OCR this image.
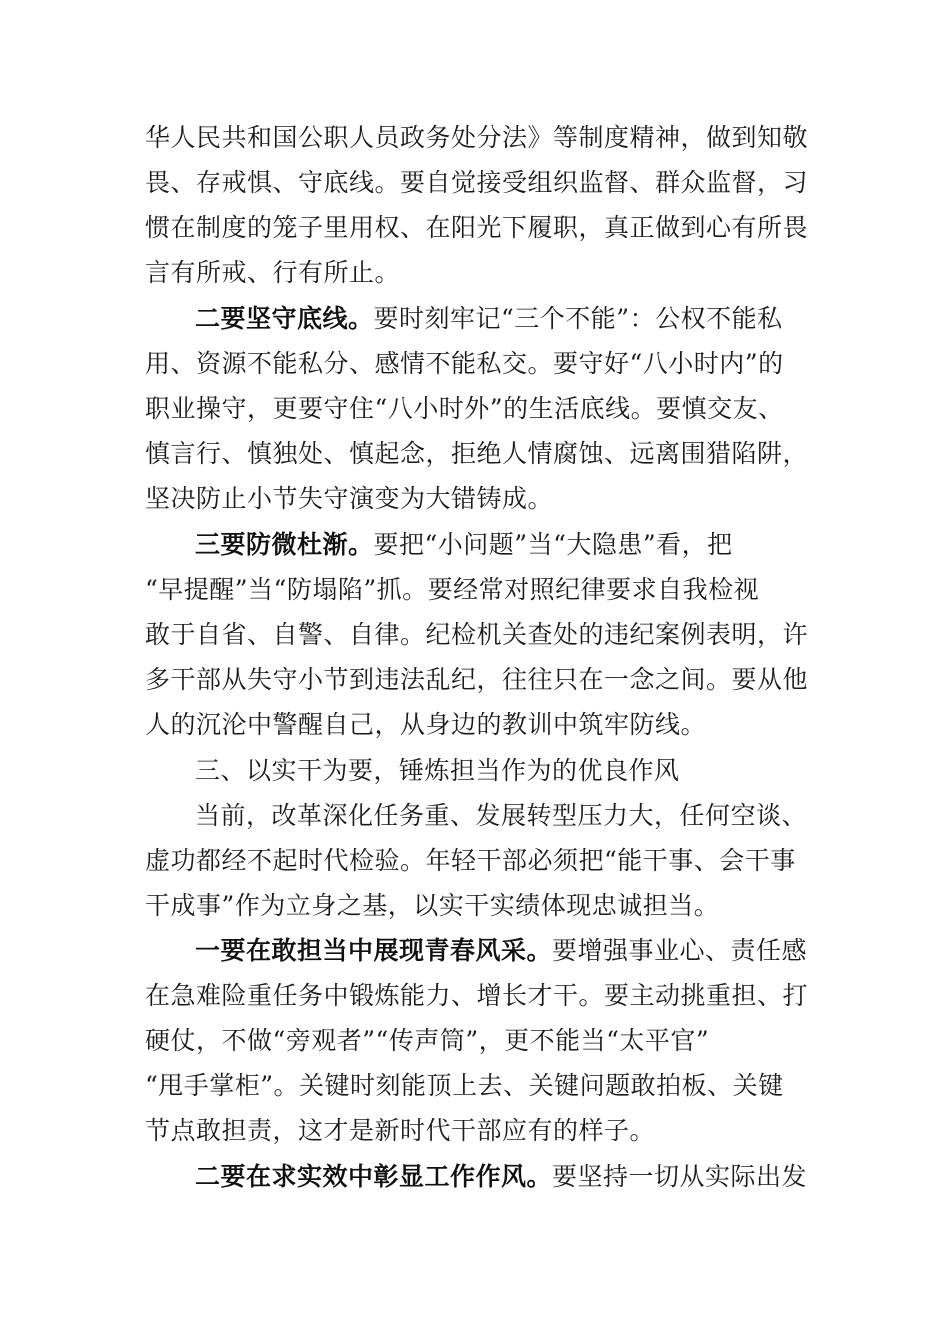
华人民共和国公职人员政务处分法》等制度精神，做到知敬
畏、存戒惧、守底线。要自觉接受组织监督、群众监督，习
惯在制度的笼子里用权、在阳光下履职，真正做到心有所畏
言有所戒、行有所止。
二要坚守底线。要时刻牢记“三个不能”：公权不能私
用、资源不能私分、感情不能私交。要守好“八小时内”的
职业操守，更要守住“八小时外”的生活底线。要慎交友、
慎言行、慎独处、慎起念，拒绝人情腐蚀、远离围猎陷阱，
坚决防止小节失守演变为大错铸成。
三要防微杜渐。要把“小问题”当“大隐患”看，把
“早提醒”当“防塌陷”抓。要经常对照纪律要求自我检视
敢于自省、自警、自律。纪检机关查处的违纪案例表明，许
多干部从失守小节到违法乱纪，往往只在一念之间。要从他
人的沉沦中警醒自己，从身边的教训中筑牢防线。
三、以实干为要，锤炼担当作为的优良作风
当前，改革深化任务重、发展转型压力大，任何空谈、
虚功都经不起时代检验。年轻干部必须把“能干事、会干事
干成事”作为立身之基，以实干实绩体现忠诚担当。
一要在敢担当中展现青春风采。要增强事业心、责任感
在急难险重任务中锻炼能力、增长才干。要主动挑重担、打
硬仗，不做“旁观者”“传声筒”，更不能当“太平官”
“甩手掌柜”。关键时刻能顶上去、关键问题敢拍板、关键
节点敢担责，这才是新时代干部应有的样子。
二要在求实效中彰显工作作风。要坚持一切从实际出发
